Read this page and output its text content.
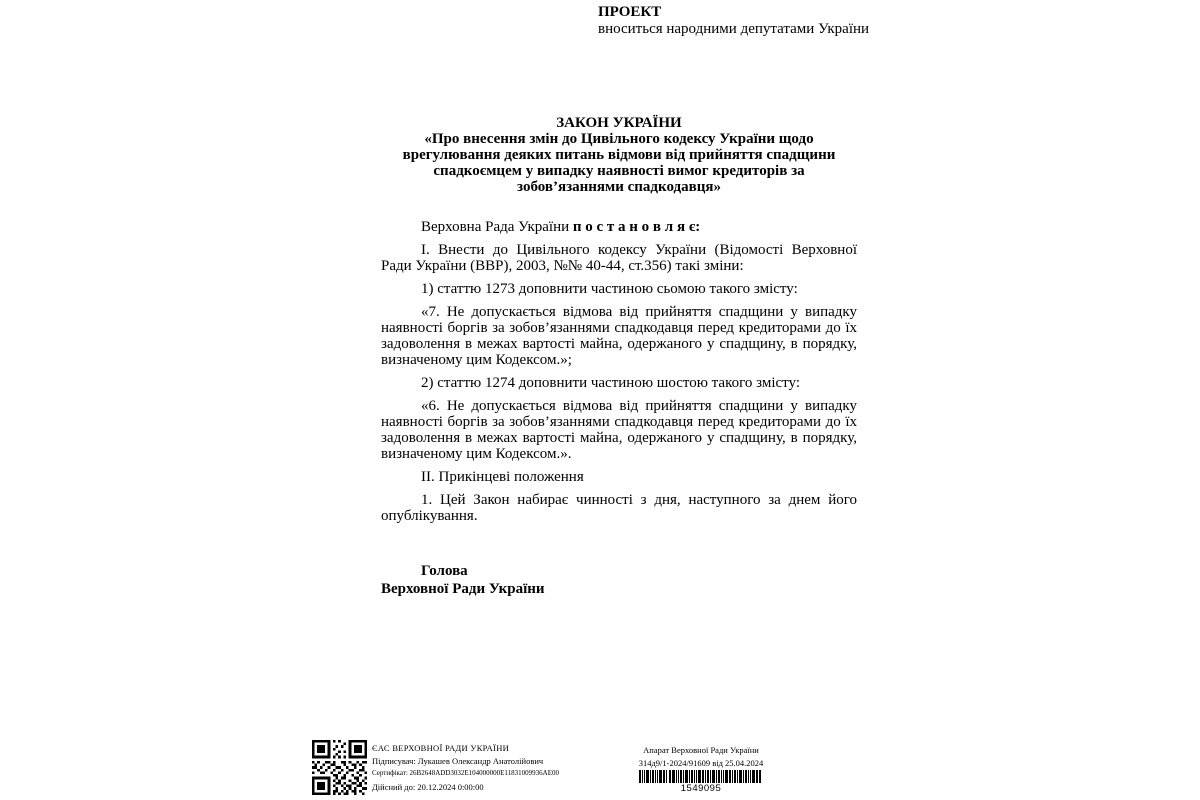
ПРОЕКТ
вноситься народними депутатами України

ЗАКОН УКРАЇНИ

«Про внесення змін до Цивільного кодексу України щодо врегулювання деяких питань відмови від прийняття спадщини спадкоємцем у випадку наявності вимог кредиторів за зобов’язаннями спадкодавця»

Верховна Рада України п о с т а н о в л я є:

І. Внести до Цивільного кодексу України (Відомості Верховної Ради України (ВВР), 2003, №№ 40-44, ст.356) такі зміни:

1) статтю 1273 доповнити частиною сьомою такого змісту:

«7. Не допускається відмова від прийняття спадщини у випадку наявності боргів за зобов’язаннями спадкодавця перед кредиторами до їх задоволення в межах вартості майна, одержаного у спадщину, в порядку, визначеному цим Кодексом.»;

2) статтю 1274 доповнити частиною шостою такого змісту:

«6. Не допускається відмова від прийняття спадщини у випадку наявності боргів за зобов’язаннями спадкодавця перед кредиторами до їх задоволення в межах вартості майна, одержаного у спадщину, в порядку, визначеному цим Кодексом.».

ІІ. Прикінцеві положення

1. Цей Закон набирає чинності з дня, наступного за днем його опублікування.

Голова

Верховної Ради України

ЄАС ВЕРХОВНОЇ РАДИ УКРАЇНИ

Підписувач: Лукашев Олександр Анатолійович

Сертифікат: 26B2648ADD3032E104000000E11831009936AE00

Дійсний до: 20.12.2024 0:00:00

Апарат Верховної Ради України

314д9/1-2024/91609 від 25.04.2024

1549095
